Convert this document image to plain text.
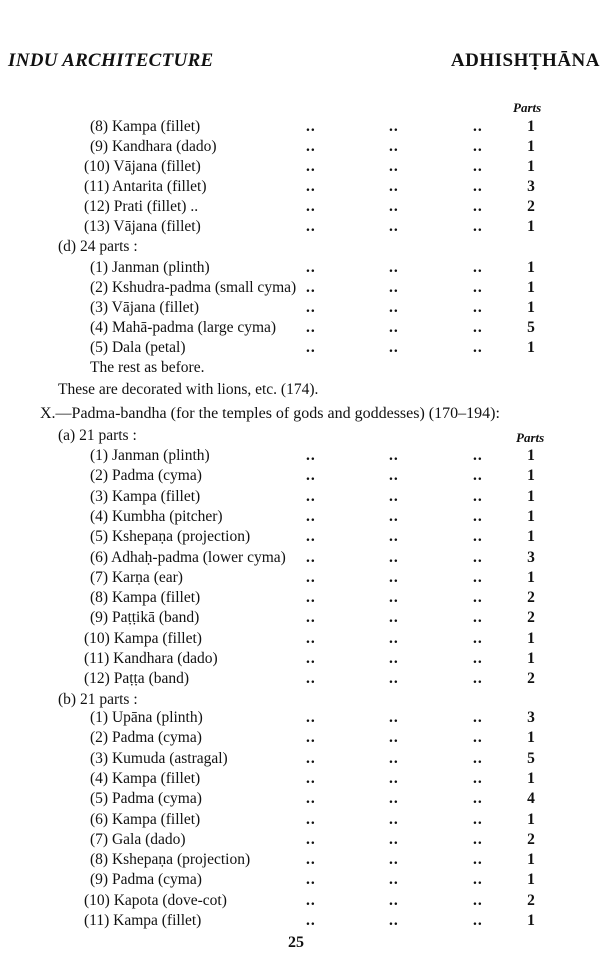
INDU ARCHITECTURE	ADHISHṬHĀNA
Parts
(8) Kampa (fillet)	..	..	..	1
(9) Kandhara (dado)	..	..	..	1
(10) Vājana (fillet)	..	..	..	1
(11) Antarita (fillet)	..	..	..	3
(12) Prati (fillet) ..	..	..	..	2
(13) Vājana (fillet)	..	..	..	1
(d) 24 parts :
(1) Janman (plinth)	..	..	..	1
(2) Kshudra-padma (small cyma) ..	..	..	1
(3) Vājana (fillet)	..	..	..	1
(4) Mahā-padma (large cyma) ..	..	..	5
(5) Dala (petal)	..	..	..	1
The rest as before.
These are decorated with lions, etc. (174).
X.—Padma-bandha (for the temples of gods and goddesses) (170–194):
(a) 21 parts :	Parts
(1) Janman (plinth)	..	..	..	1
(2) Padma (cyma)	..	..	..	1
(3) Kampa (fillet)	..	..	..	1
(4) Kumbha (pitcher)	..	..	..	1
(5) Kshepaṇa (projection)	..	..	..	1
(6) Adhaḥ-padma (lower cyma) ..	..	..	3
(7) Karṇa (ear)	..	..	..	1
(8) Kampa (fillet)	..	..	..	2
(9) Paṭṭikā (band)	..	..	..	2
(10) Kampa (fillet)	..	..	..	1
(11) Kandhara (dado)	..	..	..	1
(12) Paṭṭa (band)	..	..	..	2
(b) 21 parts :
(1) Upāna (plinth)	..	..	..	3
(2) Padma (cyma)	..	..	..	1
(3) Kumuda (astragal)	..	..	..	5
(4) Kampa (fillet)	..	..	..	1
(5) Padma (cyma)	..	..	..	4
(6) Kampa (fillet)	..	..	..	1
(7) Gala (dado)	..	..	..	2
(8) Kshepaṇa (projection)	..	..	..	1
(9) Padma (cyma)	..	..	..	1
(10) Kapota (dove-cot)	..	..	..	2
(11) Kampa (fillet)	..	..	..	1
25
